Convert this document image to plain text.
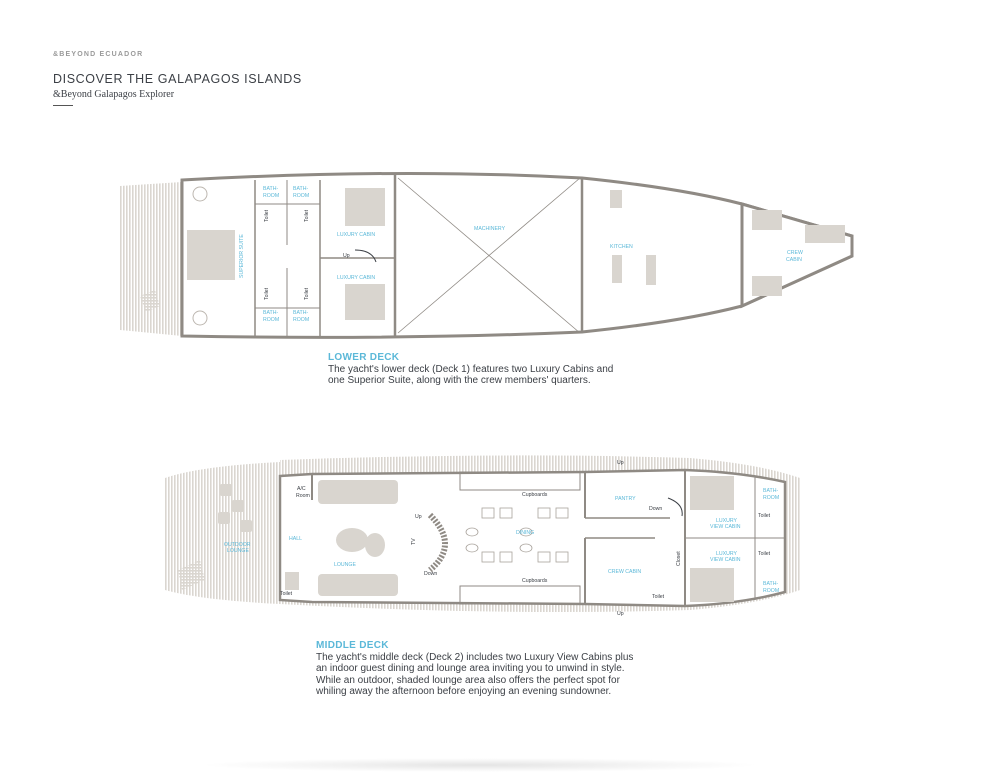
&BEYOND ECUADOR
DISCOVER THE GALAPAGOS ISLANDS
&Beyond Galapagos Explorer
BATH-
ROOM
BATH-
ROOM
BATH-
ROOM
BATH-
ROOM
Toilet	Toilet
Toilet	Toilet
SUPERIOR SUITE	LUXURY CABIN
LUXURY CABIN
Up
MACHINERY
KITCHEN
CREW
CABIN
OUTDOOR
LOUNGE
A/C
Room
HALL
LOUNGE
Toilet
TV
Up
Down
Cupboards
Cupboards
DINING
PANTRY
Down
Up
Up
CREW CABIN
Closet
Toilet
Toilet
Toilet
LUXURY
VIEW CABIN
LUXURY
VIEW CABIN
BATH-
ROOM
BATH-
ROOM
LOWER DECK
The yacht's lower deck (Deck 1) features two Luxury Cabins and one Superior Suite, along with the crew members' quarters.
MIDDLE DECK
The yacht's middle deck (Deck 2) includes two Luxury View Cabins plus an indoor guest dining and lounge area inviting you to unwind in style. While an outdoor, shaded lounge area also offers the perfect spot for whiling away the afternoon before enjoying an evening sundowner.
